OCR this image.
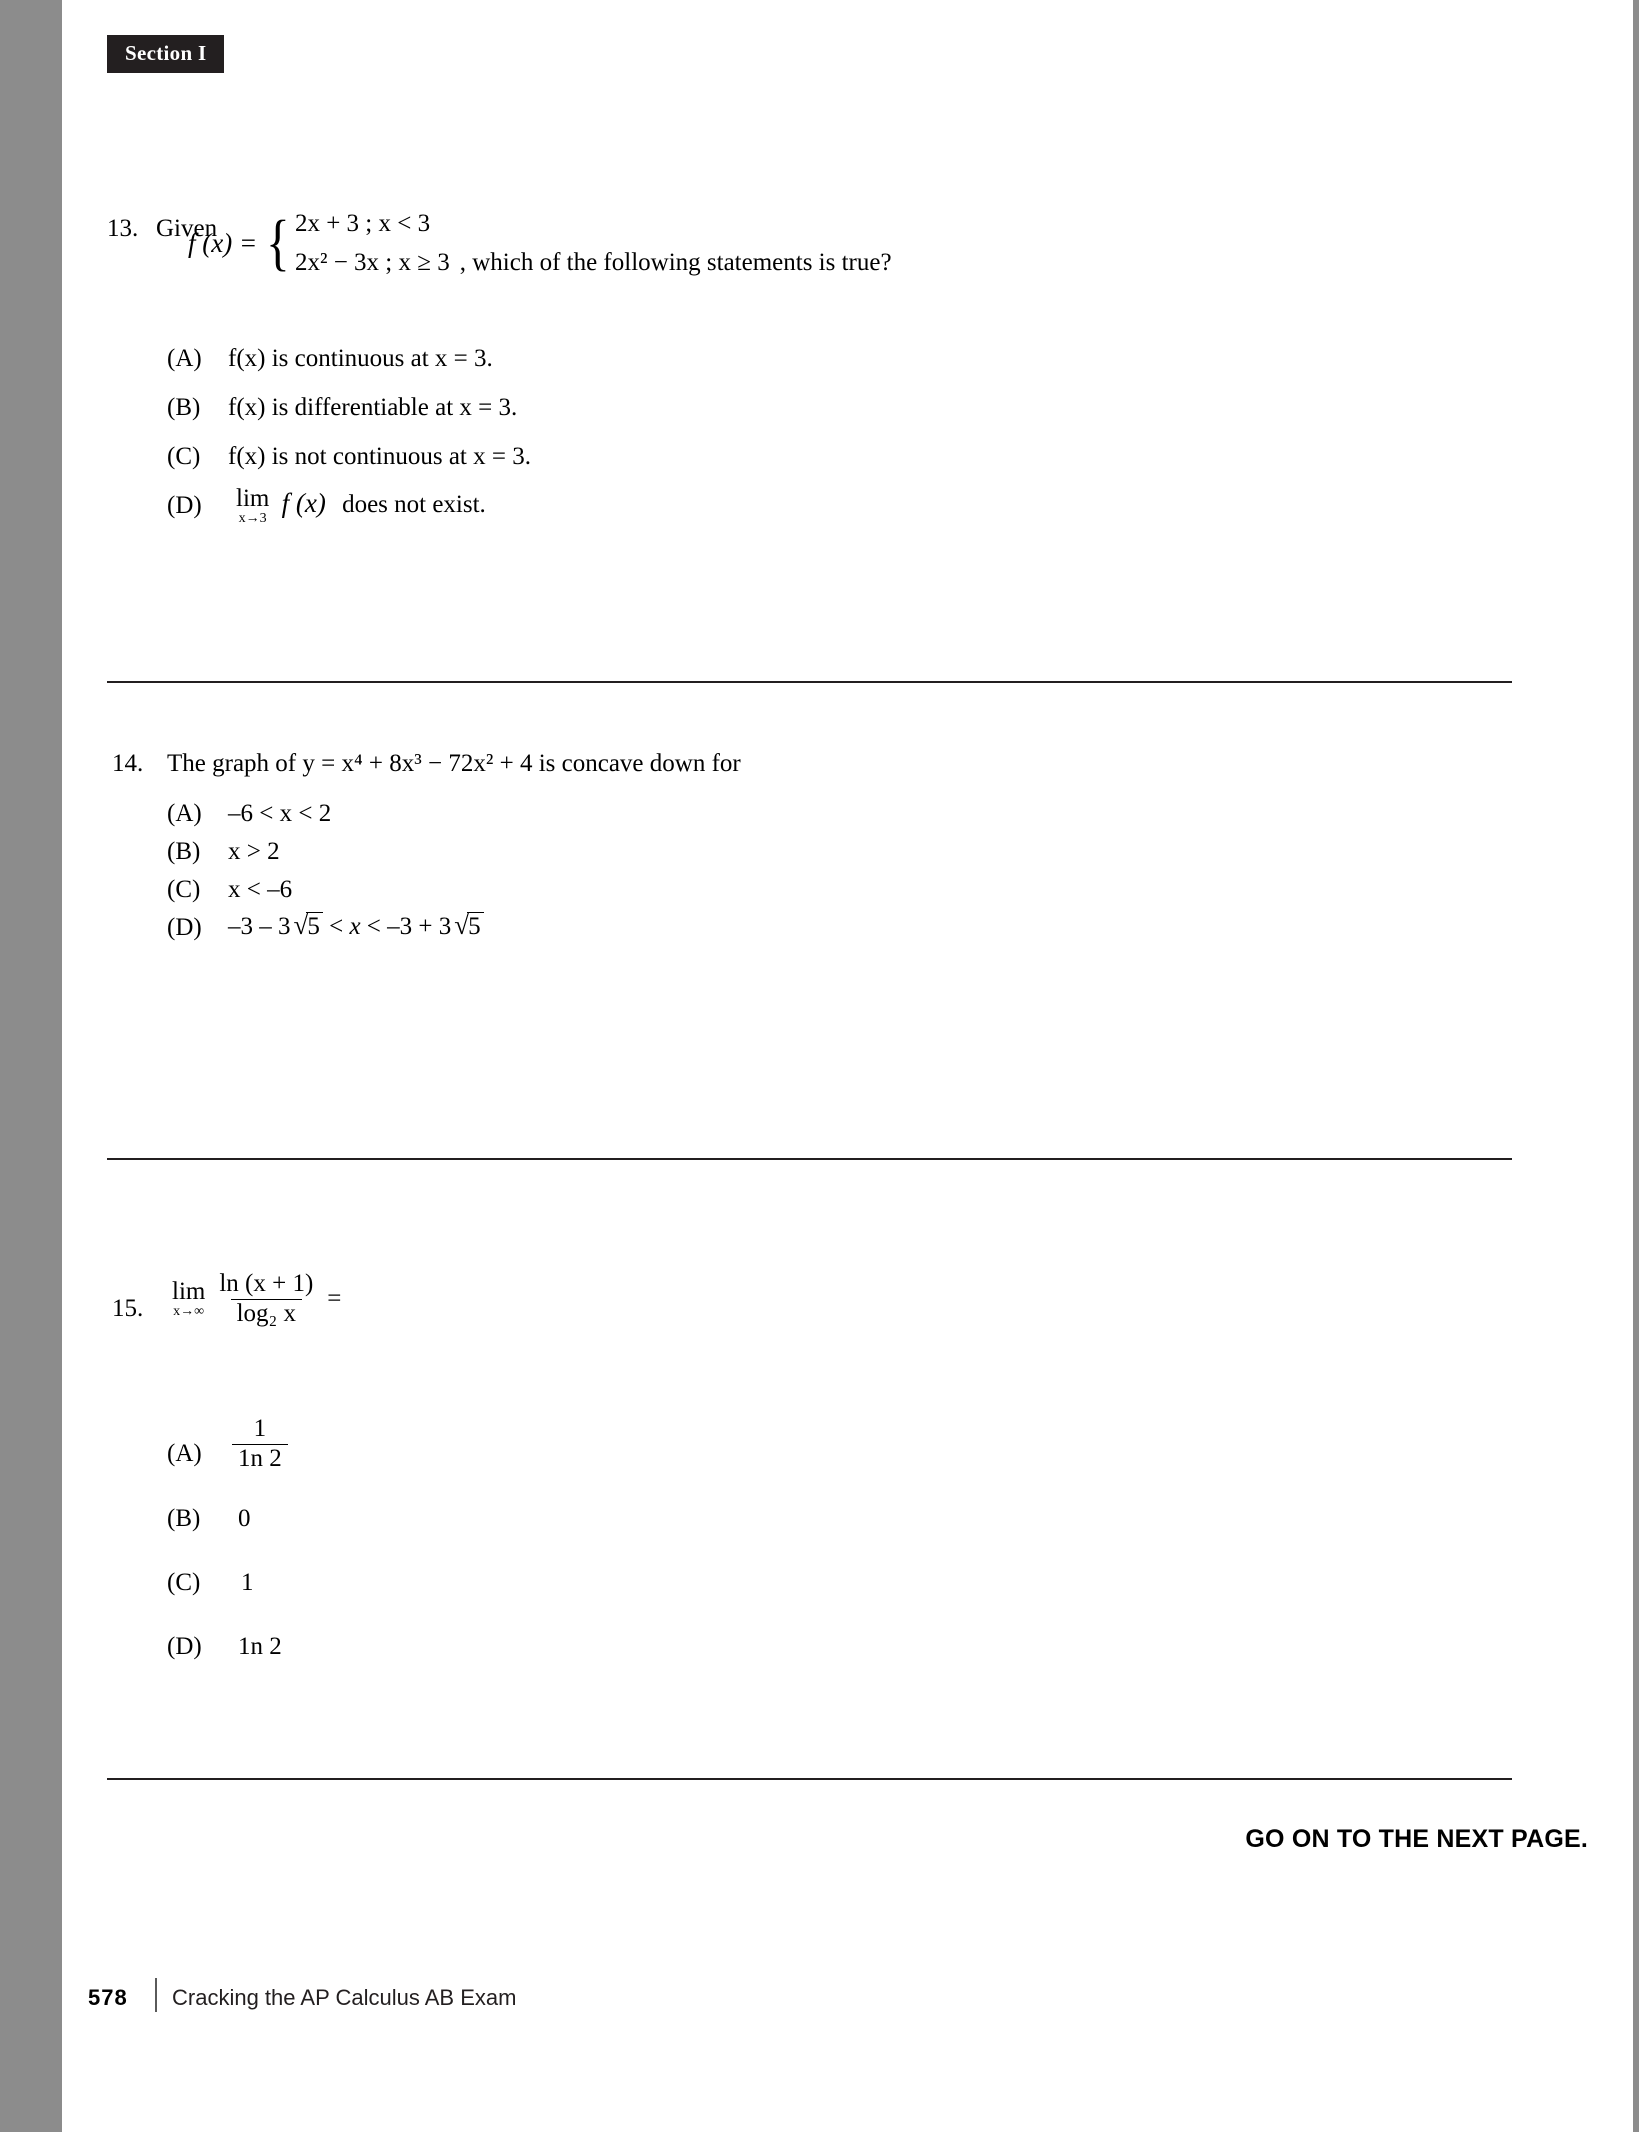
Section I
13. Given
f (x) = { 2x + 3 ; x < 3
2x² − 3x ; x ≥ 3 , which of the following statements is true?
(A) f(x) is continuous at x = 3.
(B) f(x) is differentiable at x = 3.
(C) f(x) is not continuous at x = 3.
(D) lim
x→3
f (x) does not exist.
14. The graph of y = x⁴ + 8x³ − 72x² + 4 is concave down for
(A) –6 < x < 2
(B) x > 2
(C) x < –6
(D) –3 – 3 √5 < x < –3 + 3 √5
15.
lim
$x\to\infty \frac{\ln (x + 1)}{\text{log₂ x}}$ =
$(A) \frac{1}{1n 2}$
(B) 0
(C) 1
(D) 1n 2
GO ON TO THE NEXT PAGE.
578 Cracking the AP Calculus AB Exam
